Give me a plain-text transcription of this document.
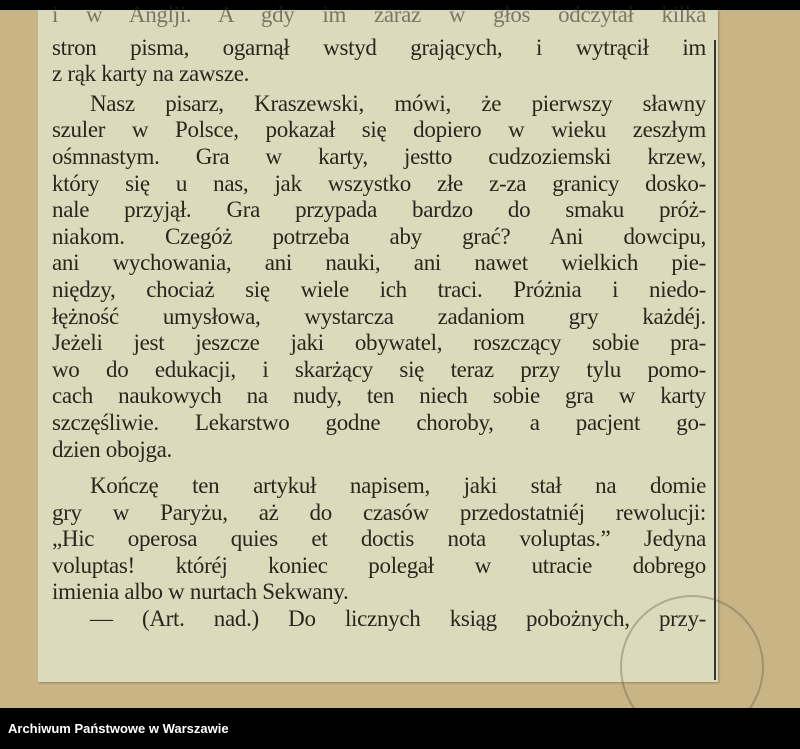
i w Anglji. A gdy im zaraz w głos odczytał kilka
stron pisma, ogarnął wstyd grających, i wytrącił im
z rąk karty na zawsze.
Nasz pisarz, Kraszewski, mówi, że pierwszy sławny
szuler w Polsce, pokazał się dopiero w wieku zeszłym
ośmnastym. Gra w karty, jestto cudzoziemski krzew,
który się u nas, jak wszystko złe z-za granicy dosko-
nale przyjął. Gra przypada bardzo do smaku próż-
niakom. Czegóż potrzeba aby grać? Ani dowcipu,
ani wychowania, ani nauki, ani nawet wielkich pie-
niędzy, chociaż się wiele ich traci. Próżnia i niedo-
łężność umysłowa, wystarcza zadaniom gry każdéj.
Jeżeli jest jeszcze jaki obywatel, roszczący sobie pra-
wo do edukacji, i skarżący się teraz przy tylu pomo-
cach naukowych na nudy, ten niech sobie gra w karty
szczęśliwie. Lekarstwo godne choroby, a pacjent go-
dzien obojga.
Kończę ten artykuł napisem, jaki stał na domie
gry w Paryżu, aż do czasów przedostatniéj rewolucji:
„Hic operosa quies et doctis nota voluptas.” Jedyna
voluptas! któréj koniec polegał w utracie dobrego
imienia albo w nurtach Sekwany.
— (Art. nad.) Do licznych ksiąg pobożnych, przy-
Archiwum Państwowe w Warszawie
